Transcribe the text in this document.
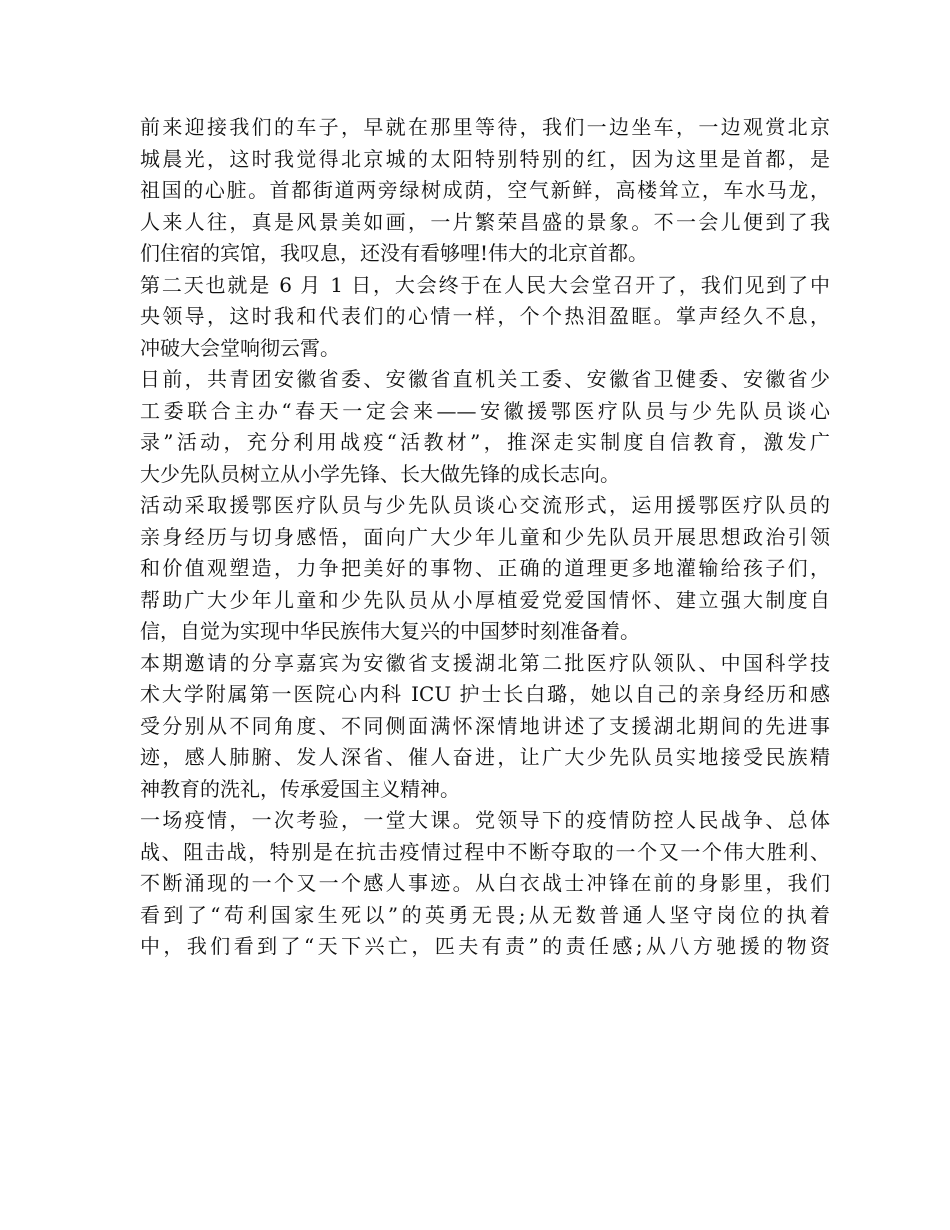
前来迎接我们的车子，早就在那里等待，我们一边坐车，一边观赏北京
城晨光，这时我觉得北京城的太阳特别特别的红，因为这里是首都，是
祖国的心脏。首都街道两旁绿树成荫，空气新鲜，高楼耸立，车水马龙，
人来人往，真是风景美如画，一片繁荣昌盛的景象。不一会儿便到了我
们住宿的宾馆，我叹息，还没有看够哩!伟大的北京首都。
第二天也就是 6 月 1 日，大会终于在人民大会堂召开了，我们见到了中
央领导，这时我和代表们的心情一样，个个热泪盈眶。掌声经久不息，
冲破大会堂响彻云霄。
日前，共青团安徽省委、安徽省直机关工委、安徽省卫健委、安徽省少
工委联合主办“春天一定会来——安徽援鄂医疗队员与少先队员谈心
录”活动，充分利用战疫“活教材”，推深走实制度自信教育，激发广
大少先队员树立从小学先锋、长大做先锋的成长志向。
活动采取援鄂医疗队员与少先队员谈心交流形式，运用援鄂医疗队员的
亲身经历与切身感悟，面向广大少年儿童和少先队员开展思想政治引领
和价值观塑造，力争把美好的事物、正确的道理更多地灌输给孩子们，
帮助广大少年儿童和少先队员从小厚植爱党爱国情怀、建立强大制度自
信，自觉为实现中华民族伟大复兴的中国梦时刻准备着。
本期邀请的分享嘉宾为安徽省支援湖北第二批医疗队领队、中国科学技
术大学附属第一医院心内科 ICU 护士长白璐，她以自己的亲身经历和感
受分别从不同角度、不同侧面满怀深情地讲述了支援湖北期间的先进事
迹，感人肺腑、发人深省、催人奋进，让广大少先队员实地接受民族精
神教育的洗礼，传承爱国主义精神。
一场疫情，一次考验，一堂大课。党领导下的疫情防控人民战争、总体
战、阻击战，特别是在抗击疫情过程中不断夺取的一个又一个伟大胜利、
不断涌现的一个又一个感人事迹。从白衣战士冲锋在前的身影里，我们
看到了“苟利国家生死以”的英勇无畏;从无数普通人坚守岗位的执着
中，我们看到了“天下兴亡，匹夫有责”的责任感;从八方驰援的物资
